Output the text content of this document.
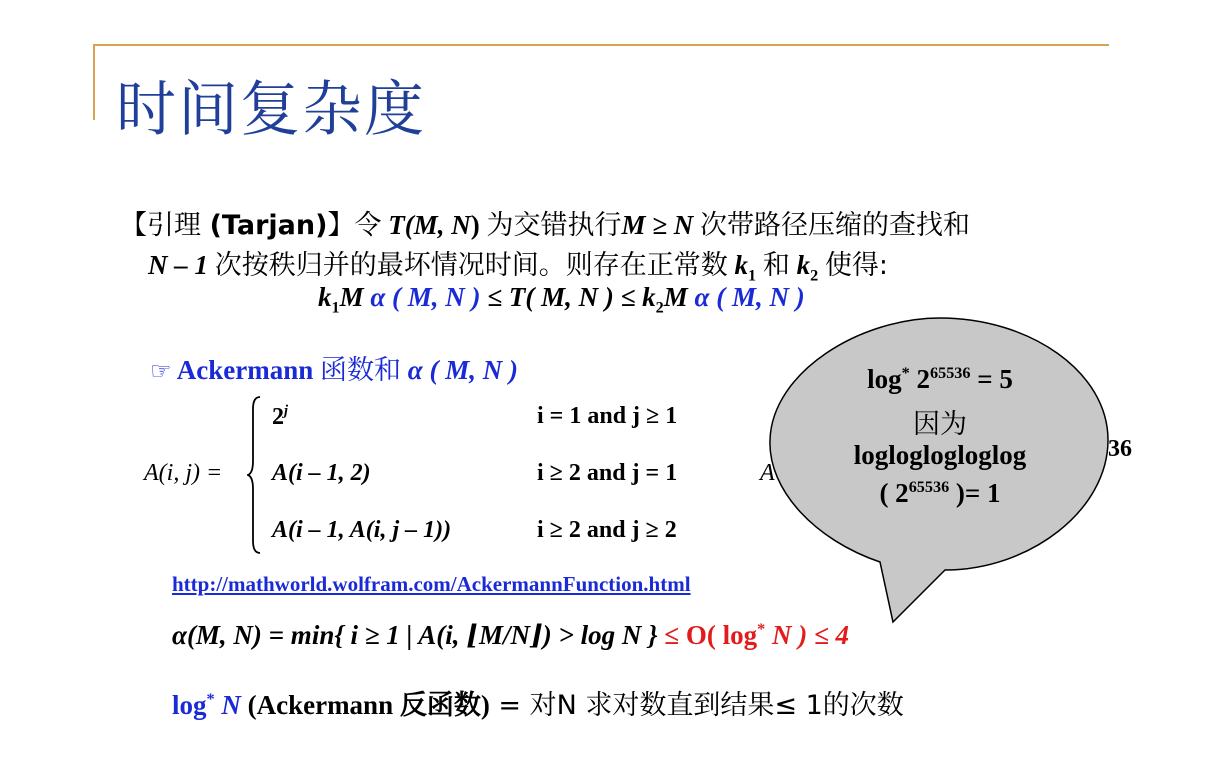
时间复杂度
【引理 (Tarjan)】令 T(M, N) 为交错执行M ≥ N 次带路径压缩的查找和
N – 1 次按秩归并的最坏情况时间。则存在正常数 $k_1$ 和 $k_2$ 使得:
$k_1M$ α ( M, N ) ≤ T( M, N ) ≤ $k_2M$ α ( M, N )
☞ Ackermann 函数和 α ( M, N )
A(i, j) =
$2^j$
A(i – 1, 2)
A(i – 1, A(i, j – 1))
i = 1 and j ≥ 1
i ≥ 2 and j = 1
i ≥ 2 and j ≥ 2
A
36
$\log^* 2^{65536} = 5$
因为
logloglogloglog
( $2^{65536}$ )= 1
http://mathworld.wolfram.com/AckermannFunction.html
α(M, N) = min{ i ≥ 1 | A(i, ⌊M/N⌋) > log N } ≤ O( log* N ) ≤ 4
log* N (Ackermann 反函数) = 对N 求对数直到结果≤ 1的次数
